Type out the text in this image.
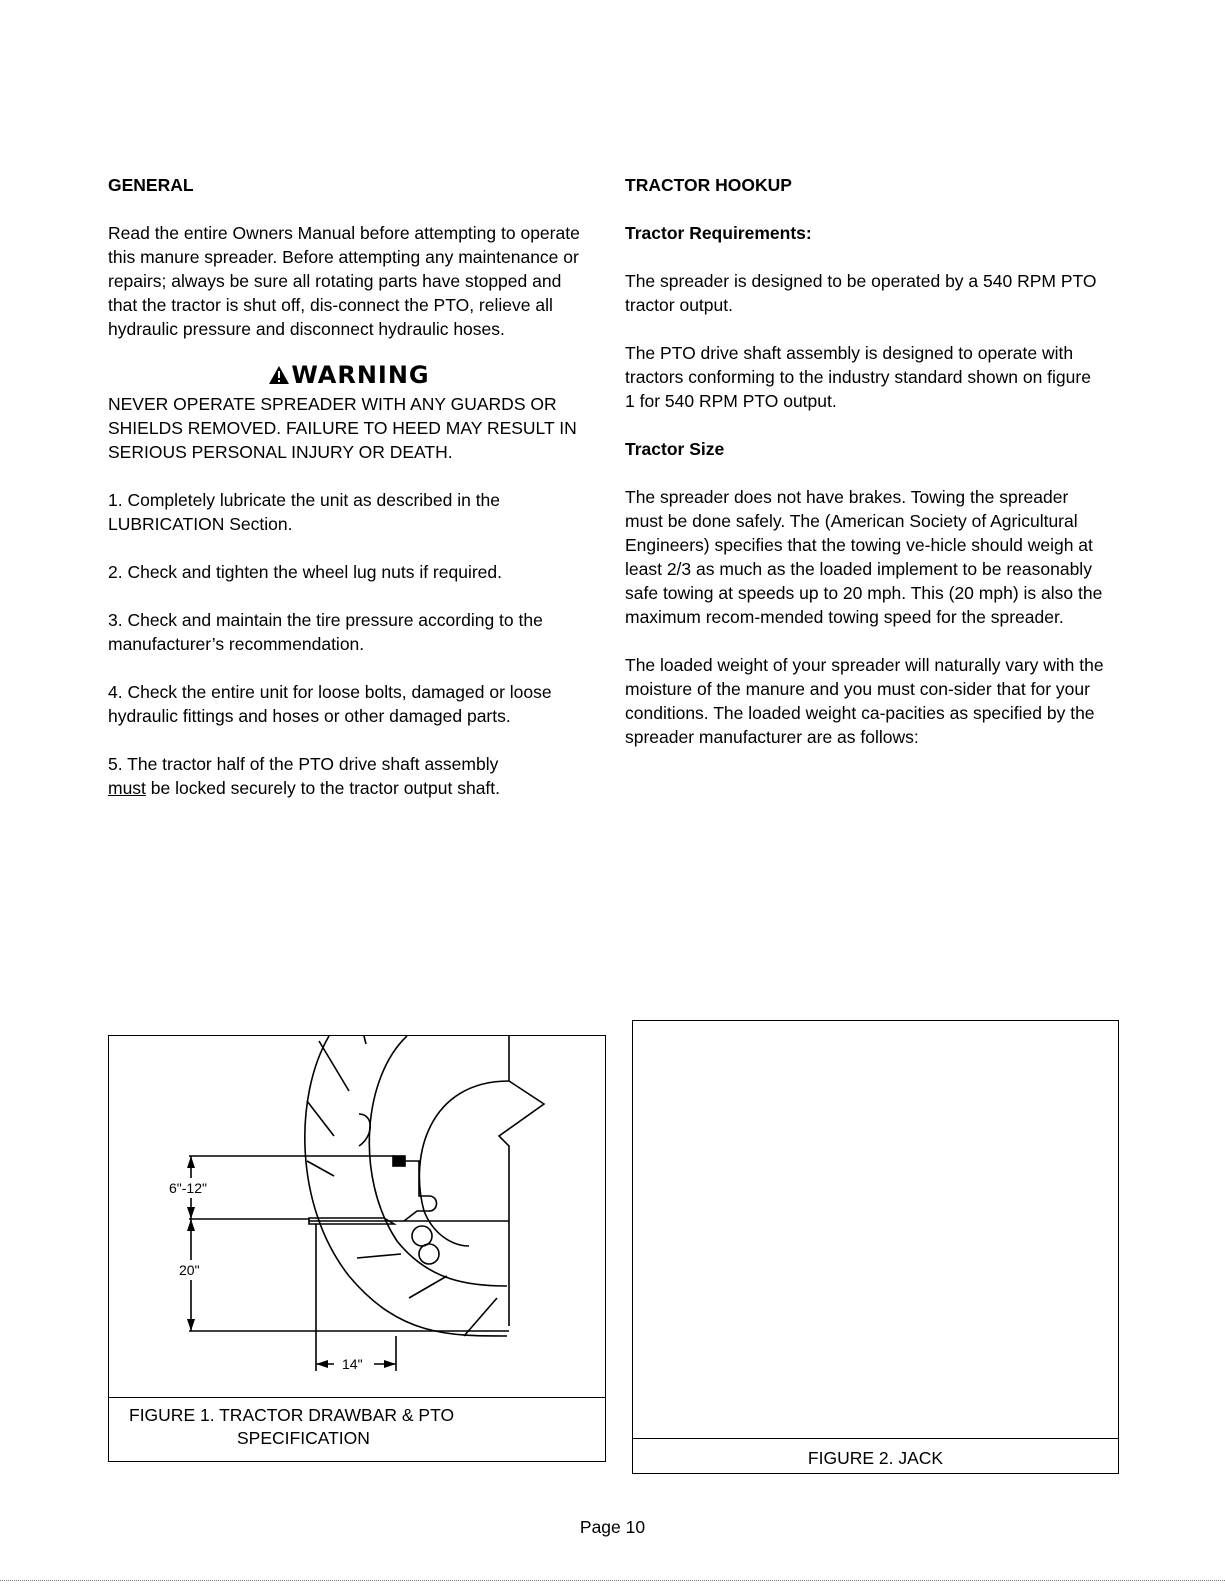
GENERAL

Read the entire Owners Manual before attempting to operate this manure spreader. Before attempting any maintenance or repairs; always be sure all rotating parts have stopped and that the tractor is shut off, dis-connect the PTO, relieve all hydraulic pressure and disconnect hydraulic hoses.

WARNING

NEVER OPERATE SPREADER WITH ANY GUARDS OR SHIELDS REMOVED. FAILURE TO HEED MAY RESULT IN SERIOUS PERSONAL INJURY OR DEATH.

1. Completely lubricate the unit as described in the LUBRICATION Section.

2. Check and tighten the wheel lug nuts if required.

3. Check and maintain the tire pressure according to the manufacturer’s recommendation.

4. Check the entire unit for loose bolts, damaged or loose hydraulic fittings and hoses or other damaged parts.

5. The tractor half of the PTO drive shaft assembly
must be locked securely to the tractor output shaft.

TRACTOR HOOKUP

Tractor Requirements:

The spreader is designed to be operated by a 540 RPM PTO tractor output.

The PTO drive shaft assembly is designed to operate with tractors conforming to the industry standard shown on figure 1 for 540 RPM PTO output.

Tractor Size

The spreader does not have brakes. Towing the spreader must be done safely. The (American Society of Agricultural Engineers) specifies that the towing ve-hicle should weigh at least 2/3 as much as the loaded implement to be reasonably safe towing at speeds up to 20 mph. This (20 mph) is also the maximum recom-mended towing speed for the spreader.

The loaded weight of your spreader will naturally vary with the moisture of the manure and you must con-sider that for your conditions. The loaded weight ca-pacities as specified by the spreader manufacturer are as follows:

6"-12"
20"
14"
FIGURE 1. TRACTOR DRAWBAR & PTO
SPECIFICATION
FIGURE 2. JACK
Page 10
